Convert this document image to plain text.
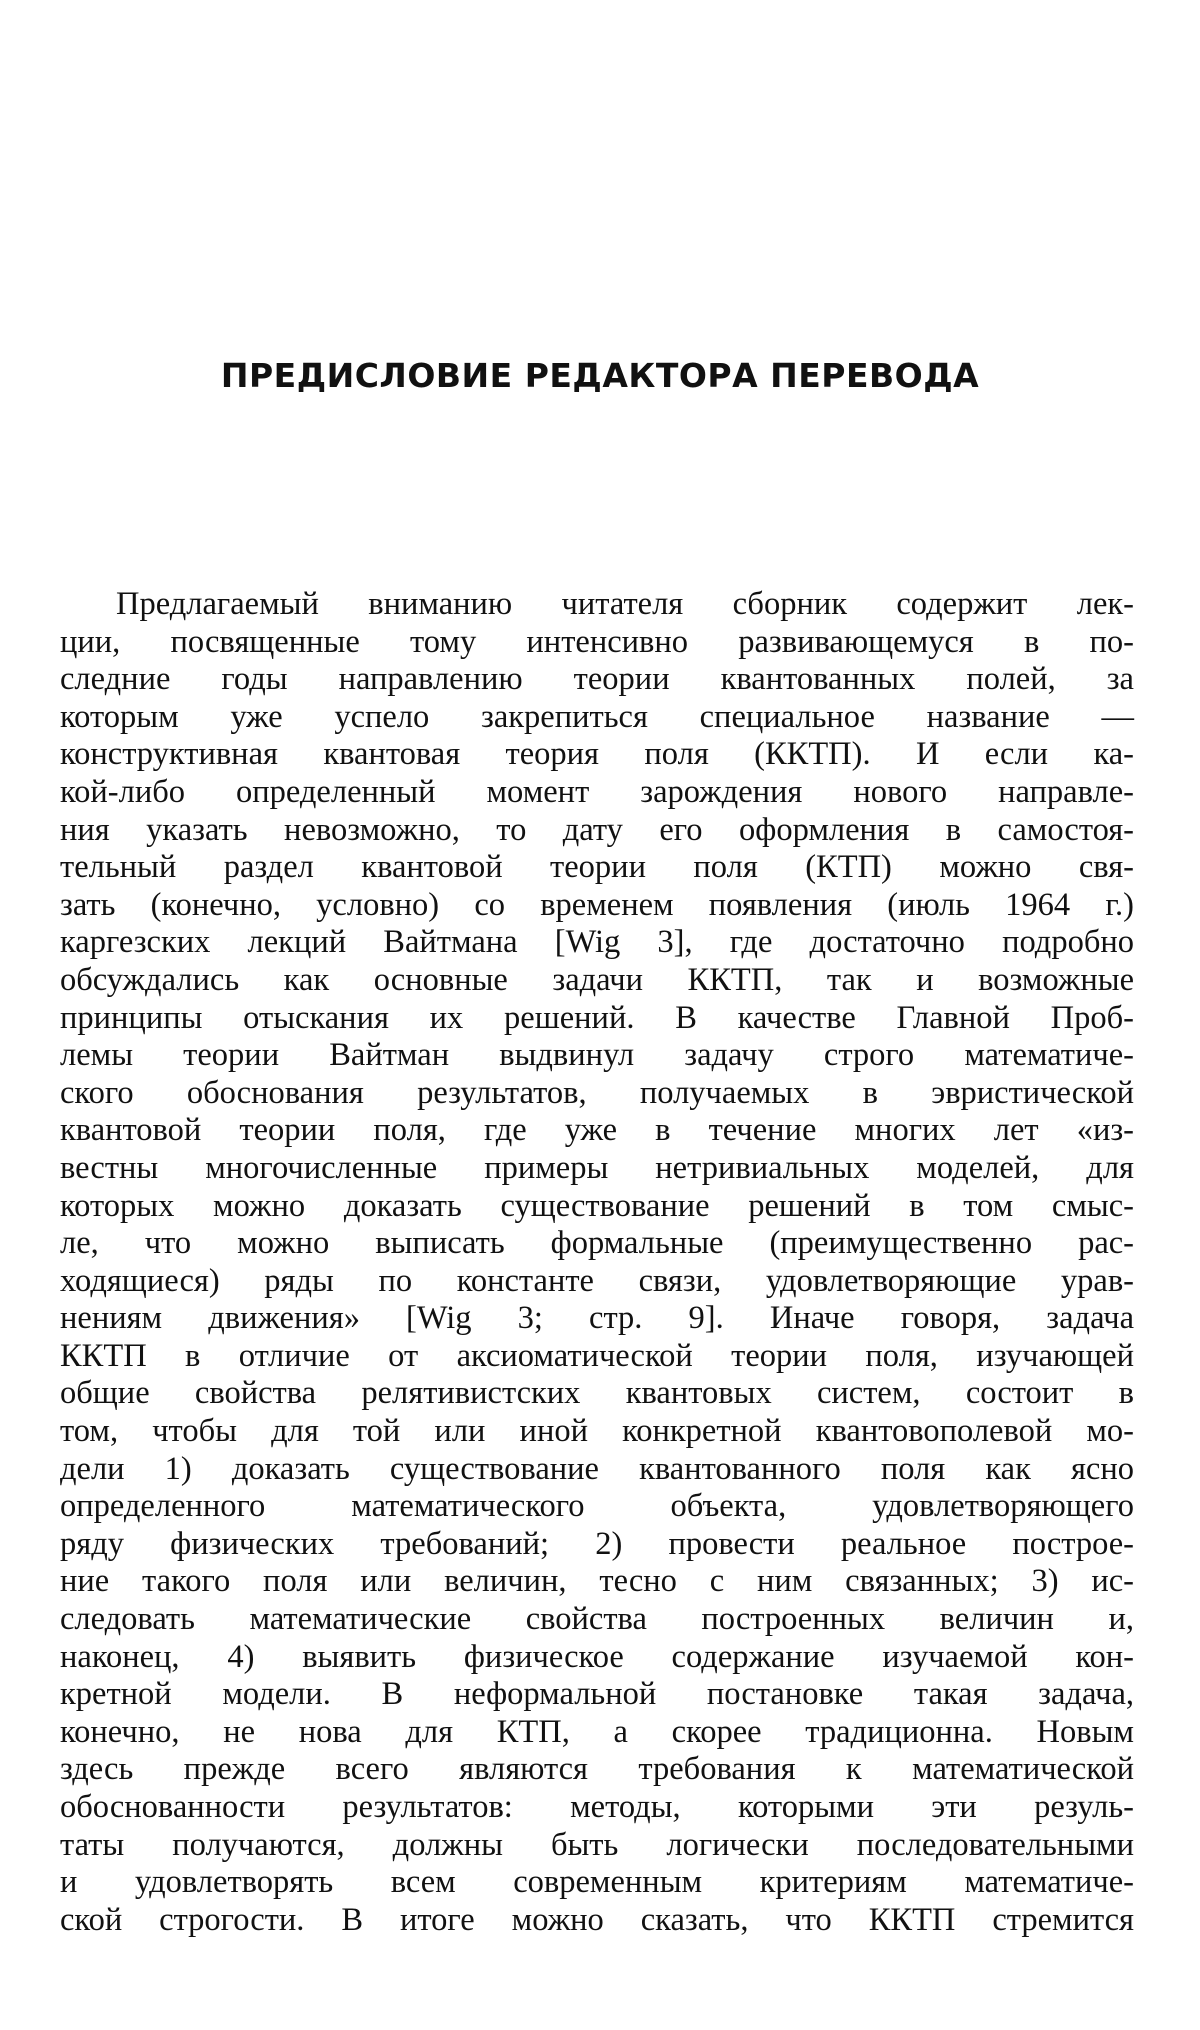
ПРЕДИСЛОВИЕ РЕДАКТОРА ПЕРЕВОДА
Предлагаемый вниманию читателя сборник содержит лек-
ции, посвященные тому интенсивно развивающемуся в по-
следние годы направлению теории квантованных полей, за
которым уже успело закрепиться специальное название —
конструктивная квантовая теория поля (ККТП). И если ка-
кой-либо определенный момент зарождения нового направле-
ния указать невозможно, то дату его оформления в самостоя-
тельный раздел квантовой теории поля (КТП) можно свя-
зать (конечно, условно) со временем появления (июль 1964 г.)
каргезских лекций Вайтмана [Wig 3], где достаточно подробно
обсуждались как основные задачи ККТП, так и возможные
принципы отыскания их решений. В качестве Главной Проб-
лемы теории Вайтман выдвинул задачу строго математиче-
ского обоснования результатов, получаемых в эвристической
квантовой теории поля, где уже в течение многих лет «из-
вестны многочисленные примеры нетривиальных моделей, для
которых можно доказать существование решений в том смыс-
ле, что можно выписать формальные (преимущественно рас-
ходящиеся) ряды по константе связи, удовлетворяющие урав-
нениям движения» [Wig 3; стр. 9]. Иначе говоря, задача
ККТП в отличие от аксиоматической теории поля, изучающей
общие свойства релятивистских квантовых систем, состоит в
том, чтобы для той или иной конкретной квантовополевой мо-
дели 1) доказать существование квантованного поля как ясно
определенного математического объекта, удовлетворяющего
ряду физических требований; 2) провести реальное построе-
ние такого поля или величин, тесно с ним связанных; 3) ис-
следовать математические свойства построенных величин и,
наконец, 4) выявить физическое содержание изучаемой кон-
кретной модели. В неформальной постановке такая задача,
конечно, не нова для КТП, а скорее традиционна. Новым
здесь прежде всего являются требования к математической
обоснованности результатов: методы, которыми эти резуль-
таты получаются, должны быть логически последовательными
и удовлетворять всем современным критериям математиче-
ской строгости. В итоге можно сказать, что ККТП стремится
